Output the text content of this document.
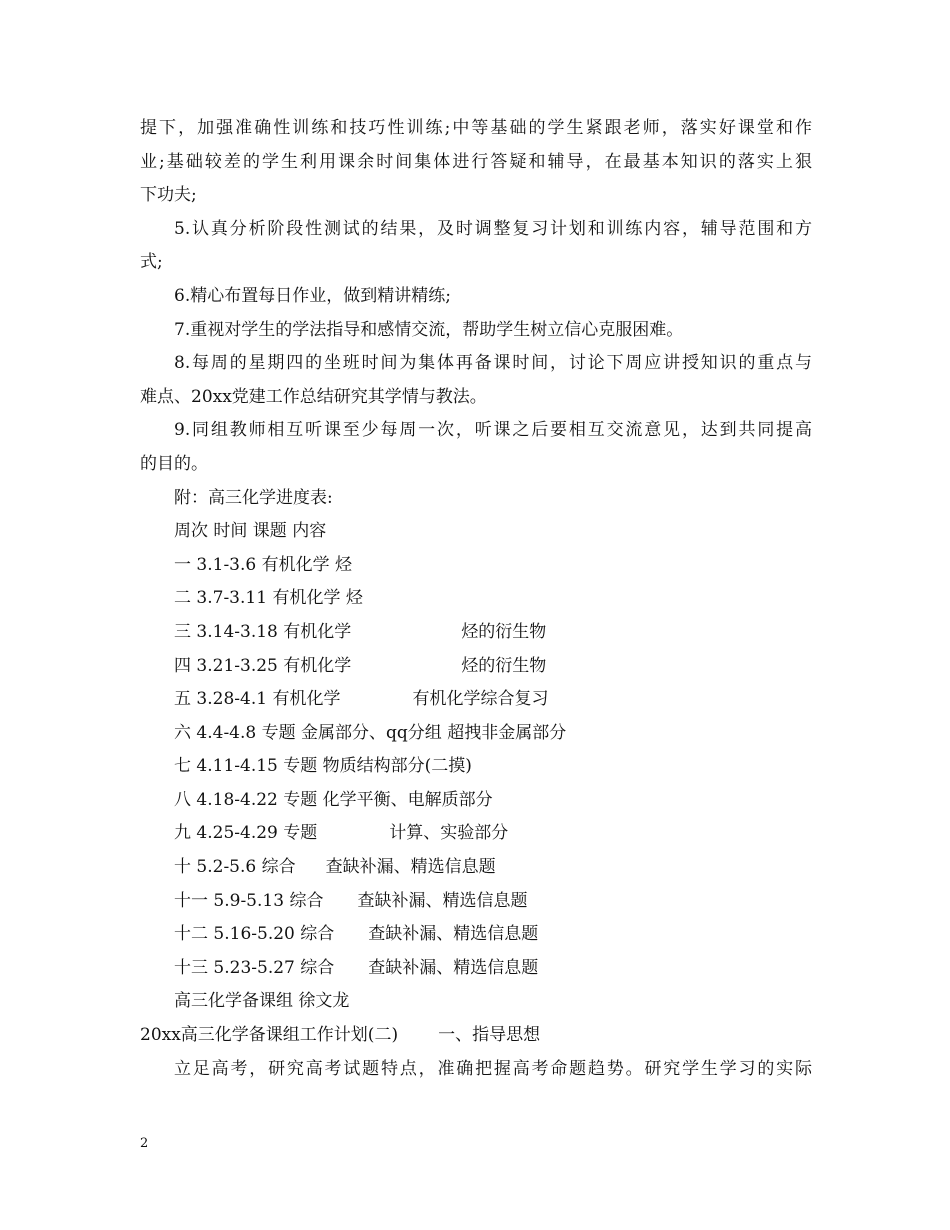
提下，加强准确性训练和技巧性训练;中等基础的学生紧跟老师，落实好课堂和作
业;基础较差的学生利用课余时间集体进行答疑和辅导，在最基本知识的落实上狠
下功夫;
5.认真分析阶段性测试的结果，及时调整复习计划和训练内容，辅导范围和方
式;
6.精心布置每日作业，做到精讲精练;
7.重视对学生的学法指导和感情交流，帮助学生树立信心克服困难。
8.每周的星期四的坐班时间为集体再备课时间，讨论下周应讲授知识的重点与
难点、20xx党建工作总结研究其学情与教法。
9.同组教师相互听课至少每周一次，听课之后要相互交流意见，达到共同提高
的目的。
附：高三化学进度表:
周次 时间 课题 内容
一 3.1-3.6 有机化学 烃
二 3.7-3.11 有机化学 烃
三 3.14-3.18 有机化学	烃的衍生物
四 3.21-3.25 有机化学	烃的衍生物
五 3.28-4.1 有机化学	有机化学综合复习
六 4.4-4.8 专题 金属部分、qq分组 超拽非金属部分
七 4.11-4.15 专题 物质结构部分(二摸)
八 4.18-4.22 专题 化学平衡、电解质部分
九 4.25-4.29 专题	计算、实验部分
十 5.2-5.6 综合 查缺补漏、精选信息题
十一 5.9-5.13 综合 查缺补漏、精选信息题
十二 5.16-5.20 综合 查缺补漏、精选信息题
十三 5.23-5.27 综合 查缺补漏、精选信息题
高三化学备课组 徐文龙
20xx高三化学备课组工作计划(二) 一、指导思想
立足高考，研究高考试题特点，准确把握高考命题趋势。研究学生学习的实际
2
